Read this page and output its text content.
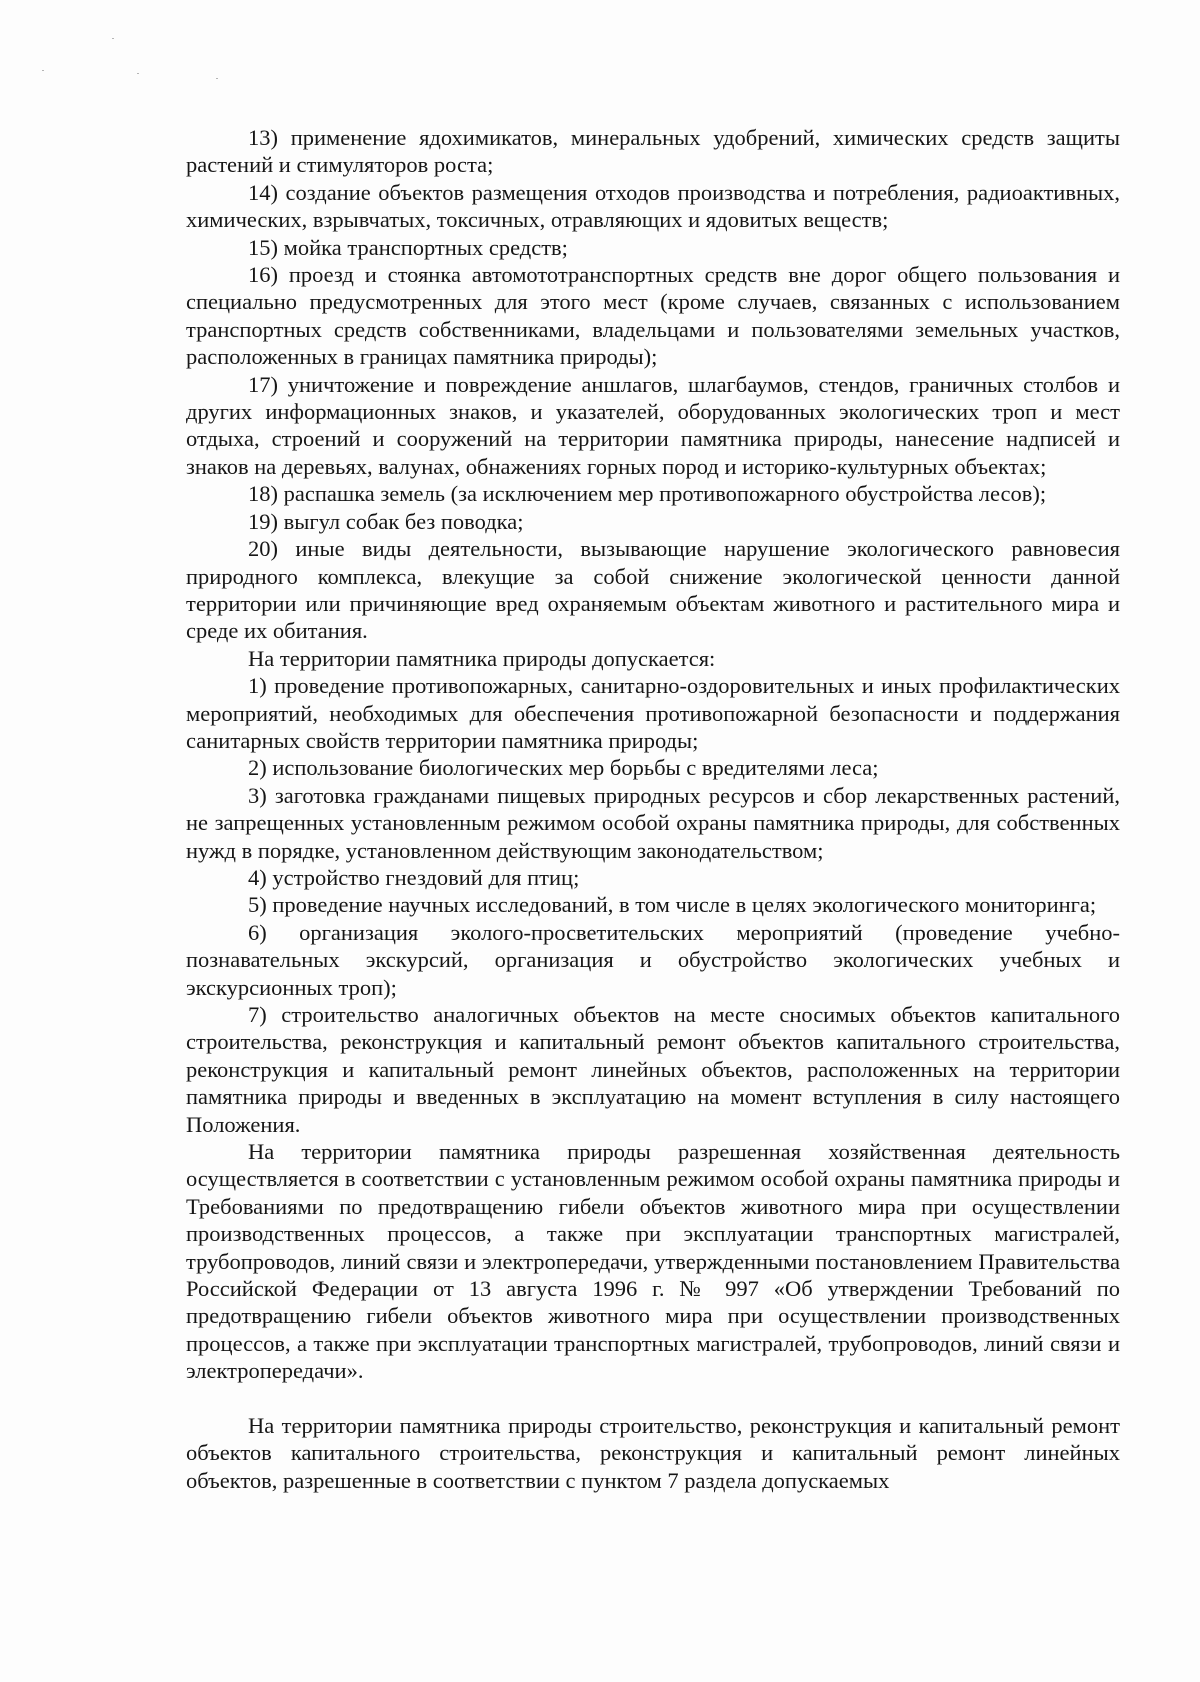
13) применение ядохимикатов, минеральных удобрений, химических средств защиты растений и стимуляторов роста;

14) создание объектов размещения отходов производства и потребления, радиоактивных, химических, взрывчатых, токсичных, отравляющих и ядовитых веществ;

15) мойка транспортных средств;

16) проезд и стоянка автомототранспортных средств вне дорог общего пользования и специально предусмотренных для этого мест (кроме случаев, связанных с использованием транспортных средств собственниками, владельцами и пользователями земельных участков, расположенных в границах памятника природы);

17) уничтожение и повреждение аншлагов, шлагбаумов, стендов, граничных столбов и других информационных знаков, и указателей, оборудованных экологических троп и мест отдыха, строений и сооружений на территории памятника природы, нанесение надписей и знаков на деревьях, валунах, обнажениях горных пород и историко-культурных объектах;

18) распашка земель (за исключением мер противопожарного обустройства лесов);

19) выгул собак без поводка;

20) иные виды деятельности, вызывающие нарушение экологического равновесия природного комплекса, влекущие за собой снижение экологической ценности данной территории или причиняющие вред охраняемым объектам животного и растительного мира и среде их обитания.

На территории памятника природы допускается:

1) проведение противопожарных, санитарно-оздоровительных и иных профилактических мероприятий, необходимых для обеспечения противопожарной безопасности и поддержания санитарных свойств территории памятника природы;

2) использование биологических мер борьбы с вредителями леса;

3) заготовка гражданами пищевых природных ресурсов и сбор лекарственных растений, не запрещенных установленным режимом особой охраны памятника природы, для собственных нужд в порядке, установленном действующим законодательством;

4) устройство гнездовий для птиц;

5) проведение научных исследований, в том числе в целях экологического мониторинга;

6) организация эколого-просветительских мероприятий (проведение учебно-познавательных экскурсий, организация и обустройство экологических учебных и экскурсионных троп);

7) строительство аналогичных объектов на месте сносимых объектов капитального строительства, реконструкция и капитальный ремонт объектов капитального строительства, реконструкция и капитальный ремонт линейных объектов, расположенных на территории памятника природы и введенных в эксплуатацию на момент вступления в силу настоящего Положения.

На территории памятника природы разрешенная хозяйственная деятельность осуществляется в соответствии с установленным режимом особой охраны памятника природы и Требованиями по предотвращению гибели объектов животного мира при осуществлении производственных процессов, а также при эксплуатации транспортных магистралей, трубопроводов, линий связи и электропередачи, утвержденными постановлением Правительства Российской Федерации от 13 августа 1996 г. № 997 «Об утверждении Требований по предотвращению гибели объектов животного мира при осуществлении производственных процессов, а также при эксплуатации транспортных магистралей, трубопроводов, линий связи и электропередачи».

На территории памятника природы строительство, реконструкция и капитальный ремонт объектов капитального строительства, реконструкция и капитальный ремонт линейных объектов, разрешенные в соответствии с пунктом 7 раздела допускаемых
